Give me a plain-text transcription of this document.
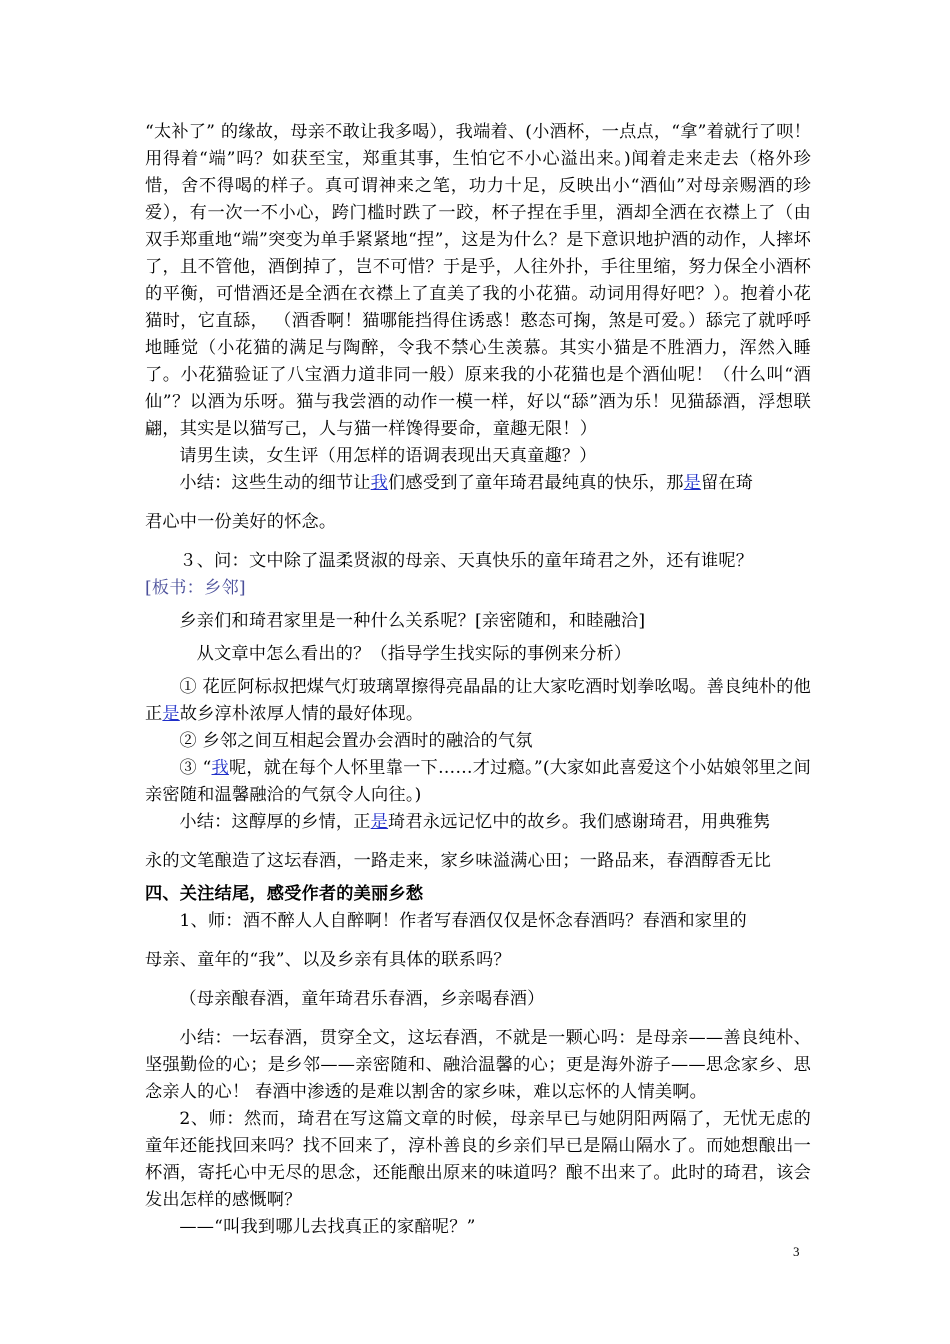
“太补了” 的缘故，母亲不敢让我多喝），我端着、(小酒杯，一点点，“拿”着就行了呗！用得着“端”吗？如获至宝，郑重其事，生怕它不小心溢出来。)闻着走来走去（格外珍惜，舍不得喝的样子。真可谓神来之笔，功力十足，反映出小“酒仙”对母亲赐酒的珍爱），有一次一不小心，跨门槛时跌了一跤，杯子捏在手里，酒却全洒在衣襟上了（由双手郑重地“端”突变为单手紧紧地“捏”，这是为什么？是下意识地护酒的动作，人摔坏了，且不管他，酒倒掉了，岂不可惜？于是乎，人往外扑，手往里缩，努力保全小酒杯的平衡，可惜酒还是全洒在衣襟上了直美了我的小花猫。动词用得好吧？）。抱着小花猫时，它直舔， （酒香啊！猫哪能挡得住诱惑！憨态可掬，煞是可爱。）舔完了就呼呼地睡觉（小花猫的满足与陶醉，令我不禁心生羡慕。其实小猫是不胜酒力，浑然入睡了。小花猫验证了八宝酒力道非同一般）原来我的小花猫也是个酒仙呢！（什么叫“酒仙”？以酒为乐呀。猫与我尝酒的动作一模一样，好以“舔”酒为乐！见猫舔酒，浮想联翩，其实是以猫写己，人与猫一样馋得要命，童趣无限！）

请男生读，女生评（用怎样的语调表现出天真童趣？）

小结：这些生动的细节让我们感受到了童年琦君最纯真的快乐，那是留在琦

君心中一份美好的怀念。

３、问：文中除了温柔贤淑的母亲、天真快乐的童年琦君之外，还有谁呢？

[板书：乡邻]

乡亲们和琦君家里是一种什么关系呢？[亲密随和，和睦融洽]

从文章中怎么看出的？（指导学生找实际的事例来分析）

① 花匠阿标叔把煤气灯玻璃罩擦得亮晶晶的让大家吃酒时划拳吆喝。善良纯朴的他正是故乡淳朴浓厚人情的最好体现。

② 乡邻之间互相起会置办会酒时的融洽的气氛

③ “我呢，就在每个人怀里靠一下……才过瘾。”(大家如此喜爱这个小姑娘邻里之间亲密随和温馨融洽的气氛令人向往。)

小结：这醇厚的乡情，正是琦君永远记忆中的故乡。我们感谢琦君，用典雅隽

永的文笔酿造了这坛春酒，一路走来，家乡味溢满心田；一路品来，春酒醇香无比

四、关注结尾，感受作者的美丽乡愁

1、师：酒不醉人人自醉啊！作者写春酒仅仅是怀念春酒吗？春酒和家里的

母亲、童年的“我”、以及乡亲有具体的联系吗？

（母亲酿春酒，童年琦君乐春酒，乡亲喝春酒）

小结：一坛春酒，贯穿全文，这坛春酒，不就是一颗心吗：是母亲——善良纯朴、坚强勤俭的心；是乡邻——亲密随和、融洽温馨的心；更是海外游子——思念家乡、思念亲人的心！ 春酒中渗透的是难以割舍的家乡味，难以忘怀的人情美啊。

2、师：然而，琦君在写这篇文章的时候，母亲早已与她阴阳两隔了，无忧无虑的童年还能找回来吗？找不回来了，淳朴善良的乡亲们早已是隔山隔水了。而她想酿出一杯酒，寄托心中无尽的思念，还能酿出原来的味道吗？酿不出来了。此时的琦君，该会发出怎样的感慨啊？

——“叫我到哪儿去找真正的家醅呢？”

3
